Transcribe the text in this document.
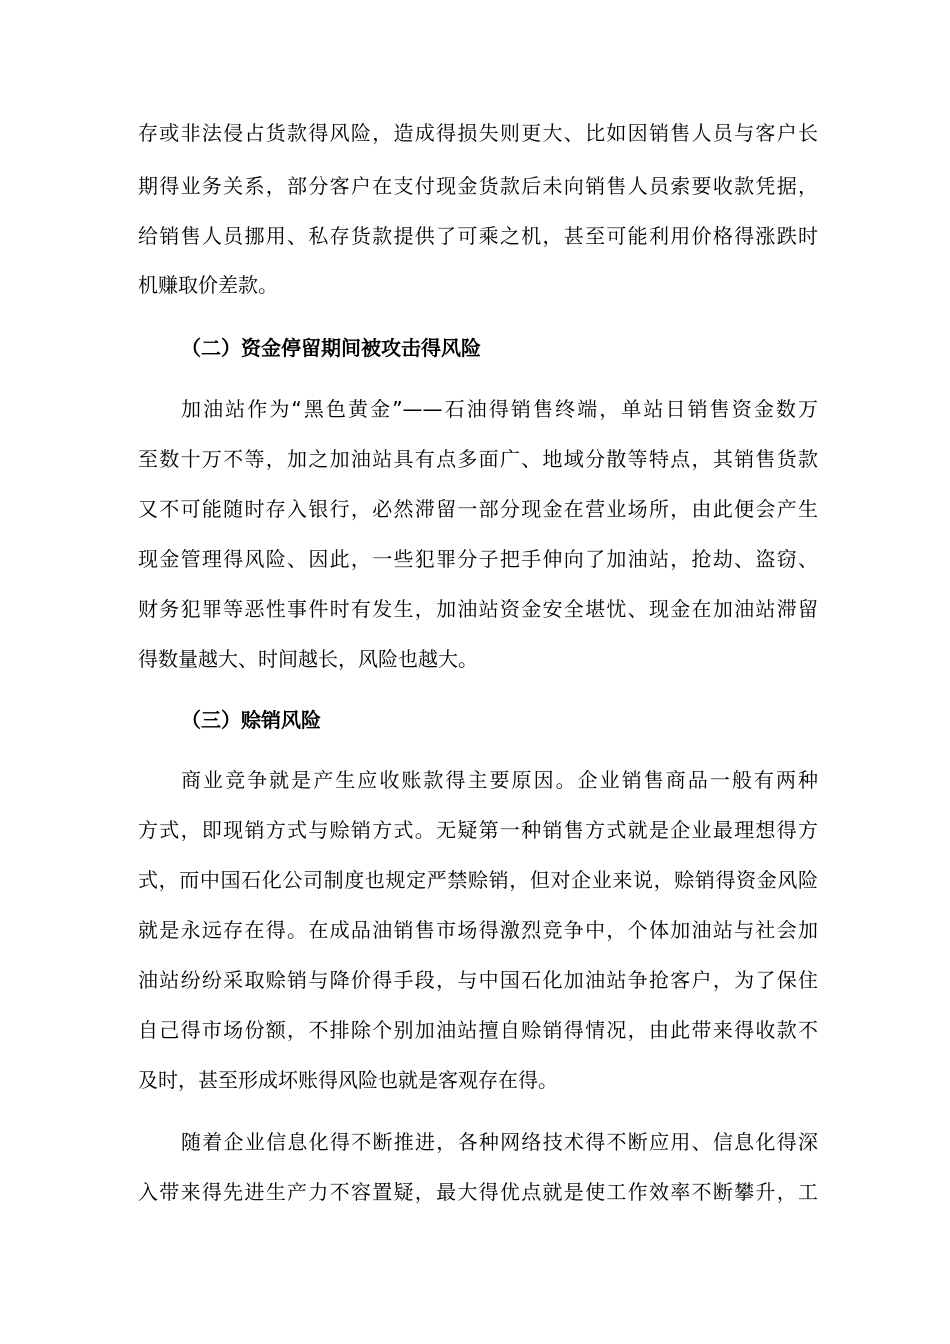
存或非法侵占货款得风险，造成得损失则更大、比如因销售人员与客户长
期得业务关系，部分客户在支付现金货款后未向销售人员索要收款凭据，
给销售人员挪用、私存货款提供了可乘之机，甚至可能利用价格得涨跌时
机赚取价差款。
（二）资金停留期间被攻击得风险
加油站作为“黑色黄金”——石油得销售终端，单站日销售资金数万
至数十万不等，加之加油站具有点多面广、地域分散等特点，其销售货款
又不可能随时存入银行，必然滞留一部分现金在营业场所，由此便会产生
现金管理得风险、因此，一些犯罪分子把手伸向了加油站，抢劫、盗窃、
财务犯罪等恶性事件时有发生，加油站资金安全堪忧、现金在加油站滞留
得数量越大、时间越长，风险也越大。
（三）赊销风险
商业竞争就是产生应收账款得主要原因。企业销售商品一般有两种
方式，即现销方式与赊销方式。无疑第一种销售方式就是企业最理想得方
式，而中国石化公司制度也规定严禁赊销，但对企业来说，赊销得资金风险
就是永远存在得。在成品油销售市场得激烈竞争中，个体加油站与社会加
油站纷纷采取赊销与降价得手段，与中国石化加油站争抢客户，为了保住
自己得市场份额，不排除个别加油站擅自赊销得情况，由此带来得收款不
及时，甚至形成坏账得风险也就是客观存在得。
随着企业信息化得不断推进，各种网络技术得不断应用、信息化得深
入带来得先进生产力不容置疑，最大得优点就是使工作效率不断攀升，工
